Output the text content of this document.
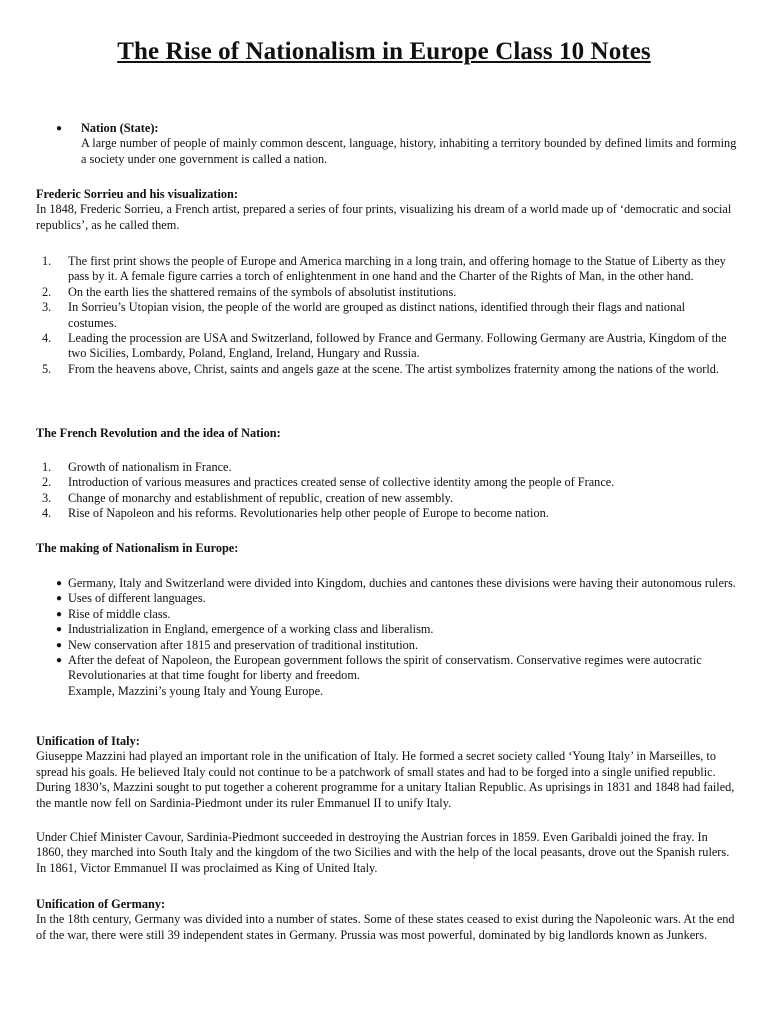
The Rise of Nationalism in Europe Class 10 Notes
● Nation (State):
A large number of people of mainly common descent, language, history, inhabiting a territory bounded by defined limits and forming a society under one government is called a nation.
Frederic Sorrieu and his visualization:
In 1848, Frederic Sorrieu, a French artist, prepared a series of four prints, visualizing his dream of a world made up of ‘democratic and social republics’, as he called them.
1. The first print shows the people of Europe and America marching in a long train, and offering homage to the Statue of Liberty as they pass by it. A female figure carries a torch of enlightenment in one hand and the Charter of the Rights of Man, in the other hand.
2. On the earth lies the shattered remains of the symbols of absolutist institutions.
3. In Sorrieu’s Utopian vision, the people of the world are grouped as distinct nations, identified through their flags and national costumes.
4. Leading the procession are USA and Switzerland, followed by France and Germany. Following Germany are Austria, Kingdom of the two Sicilies, Lombardy, Poland, England, Ireland, Hungary and Russia.
5. From the heavens above, Christ, saints and angels gaze at the scene. The artist symbolizes fraternity among the nations of the world.
The French Revolution and the idea of Nation:
1. Growth of nationalism in France.
2. Introduction of various measures and practices created sense of collective identity among the people of France.
3. Change of monarchy and establishment of republic, creation of new assembly.
4. Rise of Napoleon and his reforms. Revolutionaries help other people of Europe to become nation.
The making of Nationalism in Europe:
● Germany, Italy and Switzerland were divided into Kingdom, duchies and cantones these divisions were having their autonomous rulers.
● Uses of different languages.
● Rise of middle class.
● Industrialization in England, emergence of a working class and liberalism.
● New conservation after 1815 and preservation of traditional institution.
● After the defeat of Napoleon, the European government follows the spirit of conservatism. Conservative regimes were autocratic Revolutionaries at that time fought for liberty and freedom.
Example, Mazzini’s young Italy and Young Europe.
Unification of Italy:
Giuseppe Mazzini had played an important role in the unification of Italy. He formed a secret society called ‘Young Italy’ in Marseilles, to spread his goals. He believed Italy could not continue to be a patchwork of small states and had to be forged into a single unified republic. During 1830’s, Mazzini sought to put together a coherent programme for a unitary Italian Republic. As uprisings in 1831 and 1848 had failed, the mantle now fell on Sardinia-Piedmont under its ruler Emmanuel II to unify Italy.
Under Chief Minister Cavour, Sardinia-Piedmont succeeded in destroying the Austrian forces in 1859. Even Garibaldi joined the fray. In 1860, they marched into South Italy and the kingdom of the two Sicilies and with the help of the local peasants, drove out the Spanish rulers. In 1861, Victor Emmanuel II was proclaimed as King of United Italy.
Unification of Germany:
In the 18th century, Germany was divided into a number of states. Some of these states ceased to exist during the Napoleonic wars. At the end of the war, there were still 39 independent states in Germany. Prussia was most powerful, dominated by big landlords known as Junkers.
